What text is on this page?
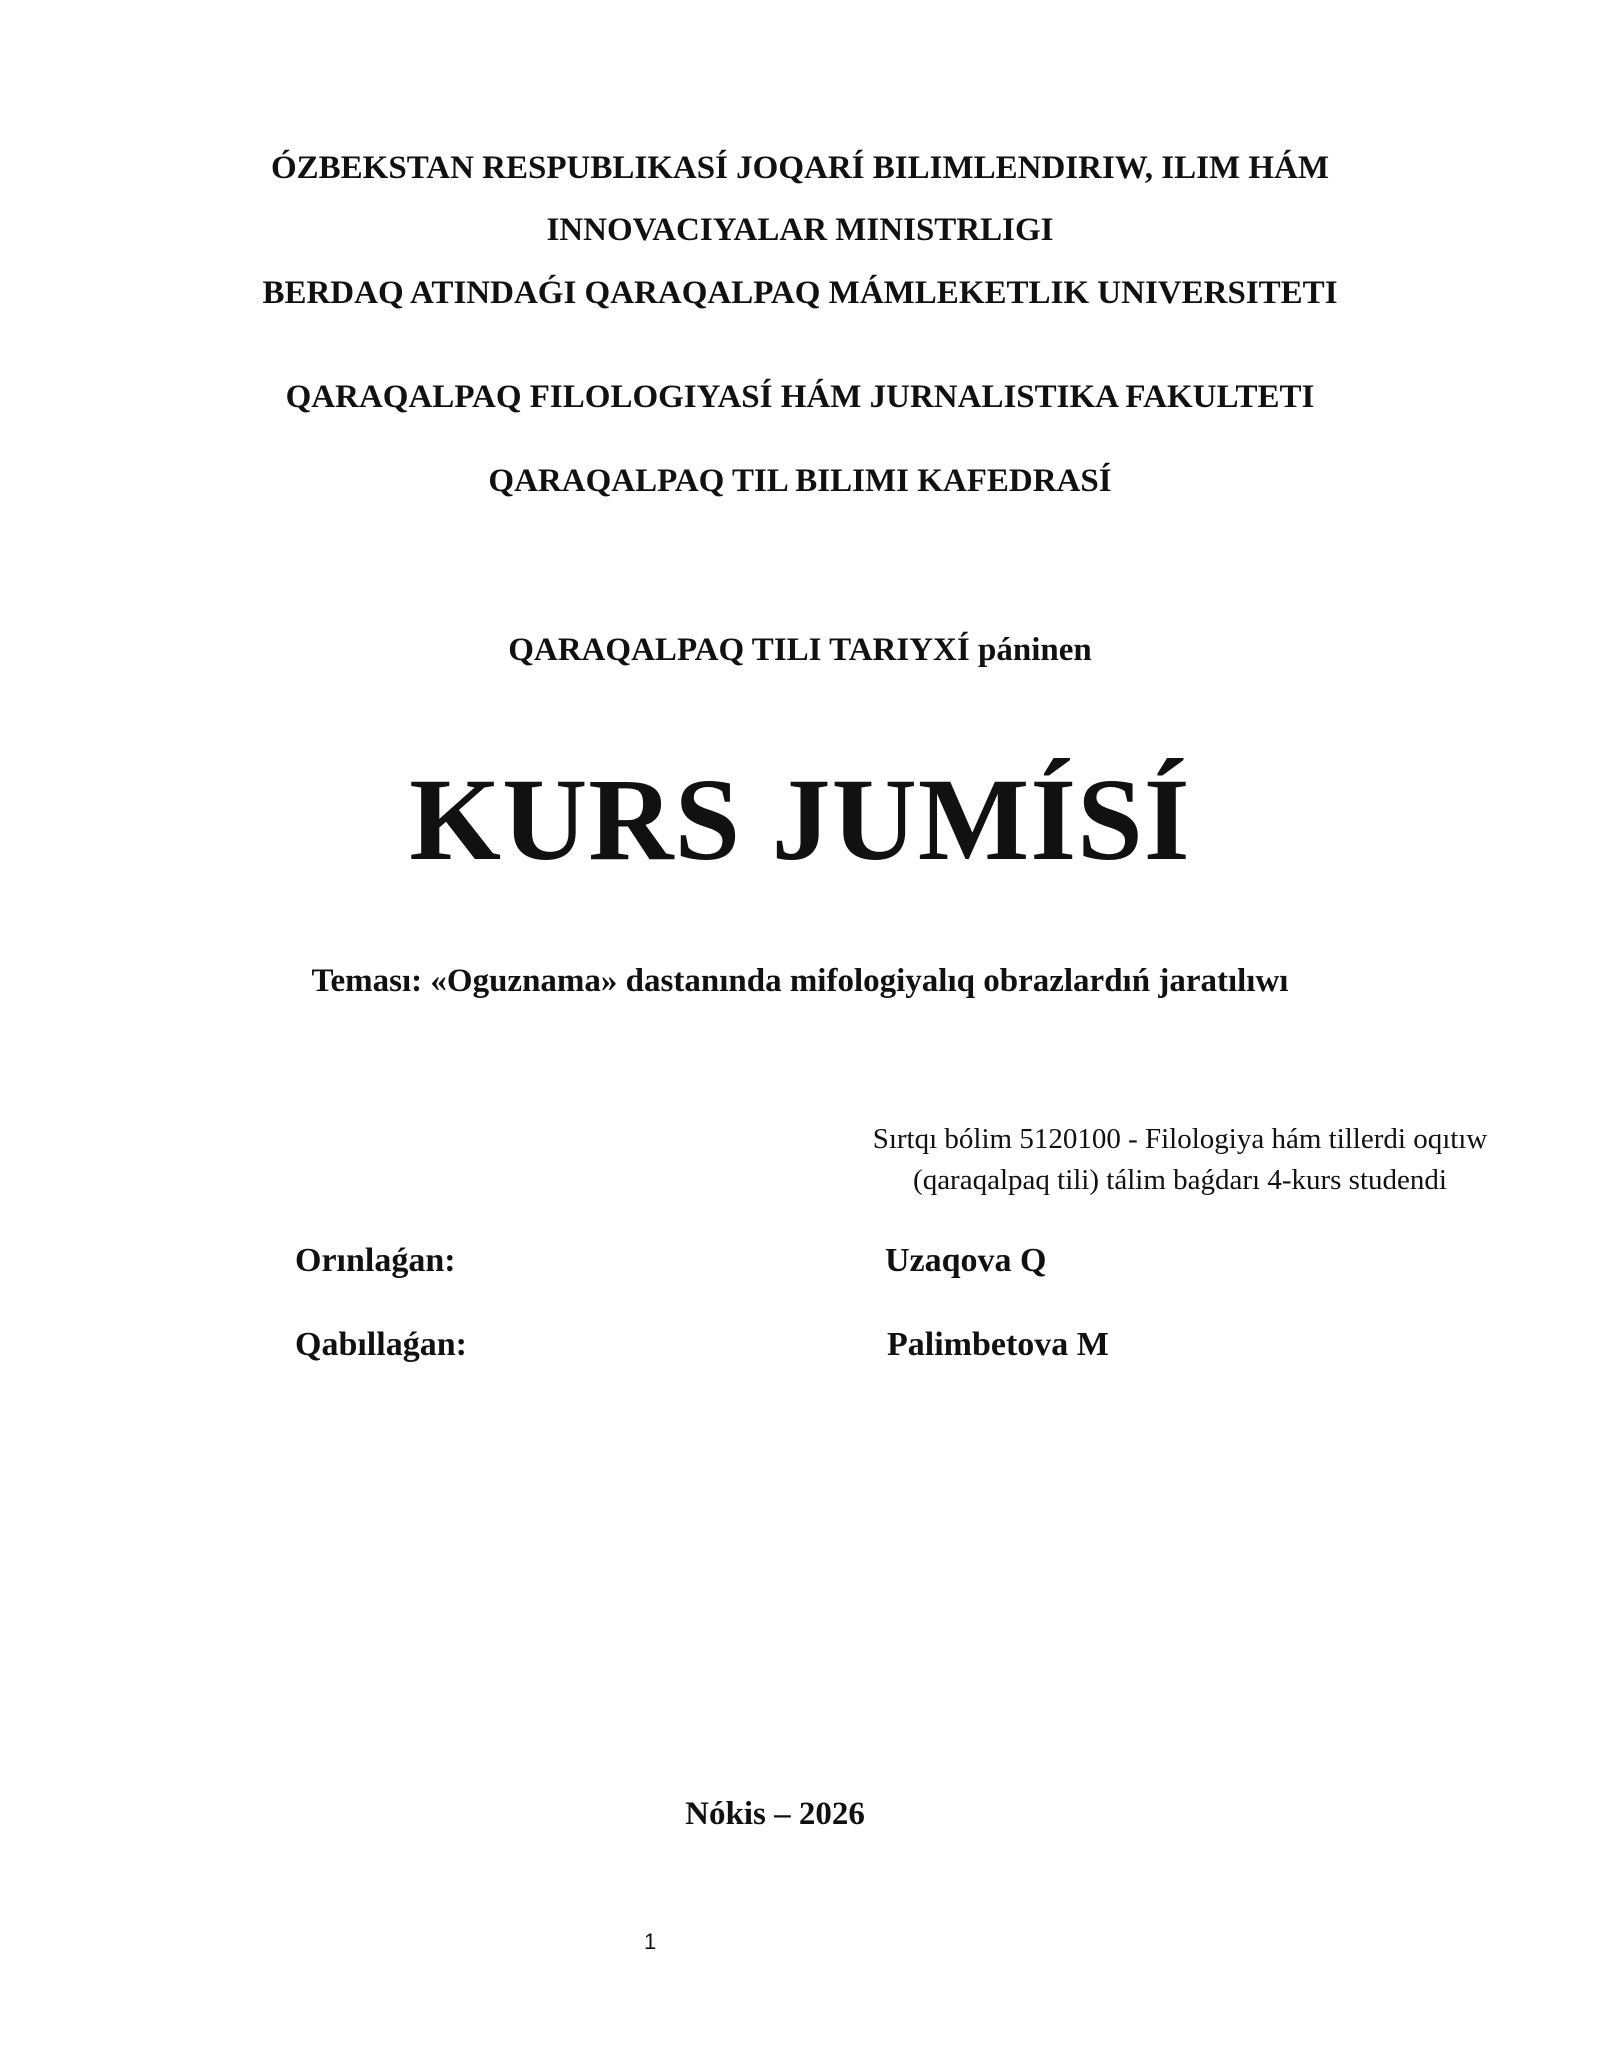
ÓZBEKSTAN RESPUBLIKASÍ JOQARÍ BILIMLENDIRIW, ILIM HÁM
INNOVACIYALAR MINISTRLIGI
BERDAQ ATINDAǴI QARAQALPAQ MÁMLEKETLIK UNIVERSITETI
QARAQALPAQ FILOLOGIYASÍ HÁM JURNALISTIKA FAKULTETI
QARAQALPAQ TIL BILIMI KAFEDRASÍ
QARAQALPAQ TILI TARIYXÍ páninen
KURS JUMÍSÍ
Teması: «Oguznama» dastanında mifologiyalıq obrazlardıń jaratılıwı
Sırtqı bólim 5120100 - Filologiya hám tillerdi oqıtıw
(qaraqalpaq tili) tálim baǵdarı 4-kurs studendi
Orınlaǵan:	Uzaqova Q
Qabıllaǵan:	Palimbetova M
Nókis – 2026
1
